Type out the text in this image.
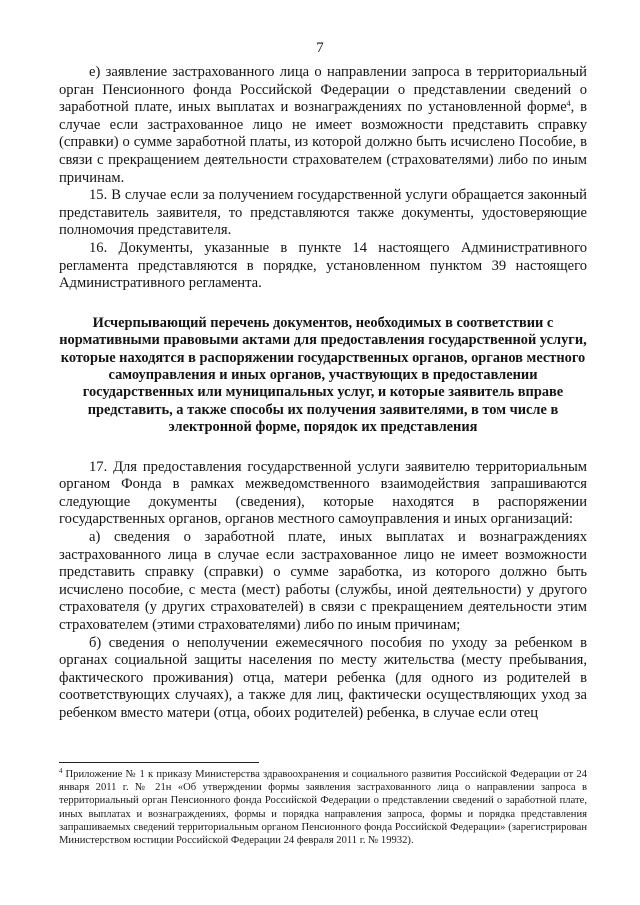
7

е) заявление застрахованного лица о направлении запроса в территориальный орган Пенсионного фонда Российской Федерации о представлении сведений о заработной плате, иных выплатах и вознаграждениях по установленной форме$^4$, в случае если застрахованное лицо не имеет возможности представить справку (справки) о сумме заработной платы, из которой должно быть исчислено Пособие, в связи с прекращением деятельности страхователем (страхователями) либо по иным причинам.

15. В случае если за получением государственной услуги обращается законный представитель заявителя, то представляются также документы, удостоверяющие полномочия представителя.

16. Документы, указанные в пункте 14 настоящего Административного регламента представляются в порядке, установленном пунктом 39 настоящего Административного регламента.

Исчерпывающий перечень документов, необходимых в соответствии с нормативными правовыми актами для предоставления государственной услуги, которые находятся в распоряжении государственных органов, органов местного самоуправления и иных органов, участвующих в предоставлении государственных или муниципальных услуг, и которые заявитель вправе представить, а также способы их получения заявителями, в том числе в электронной форме, порядок их представления

17. Для предоставления государственной услуги заявителю территориальным органом Фонда в рамках межведомственного взаимодействия запрашиваются следующие документы (сведения), которые находятся в распоряжении государственных органов, органов местного самоуправления и иных организаций:

а) сведения о заработной плате, иных выплатах и вознаграждениях застрахованного лица в случае если застрахованное лицо не имеет возможности представить справку (справки) о сумме заработка, из которого должно быть исчислено пособие, с места (мест) работы (службы, иной деятельности) у другого страхователя (у других страхователей) в связи с прекращением деятельности этим страхователем (этими страхователями) либо по иным причинам;

б) сведения о неполучении ежемесячного пособия по уходу за ребенком в органах социальной защиты населения по месту жительства (месту пребывания, фактического проживания) отца, матери ребенка (для одного из родителей в соответствующих случаях), а также для лиц, фактически осуществляющих уход за ребенком вместо матери (отца, обоих родителей) ребенка, в случае если отец

$^4$ Приложение № 1 к приказу Министерства здравоохранения и социального развития Российской Федерации от 24 января 2011 г. № 21н «Об утверждении формы заявления застрахованного лица о направлении запроса в территориальный орган Пенсионного фонда Российской Федерации о представлении сведений о заработной плате, иных выплатах и вознаграждениях, формы и порядка направления запроса, формы и порядка представления запрашиваемых сведений территориальным органом Пенсионного фонда Российской Федерации» (зарегистрирован Министерством юстиции Российской Федерации 24 февраля 2011 г. № 19932).
